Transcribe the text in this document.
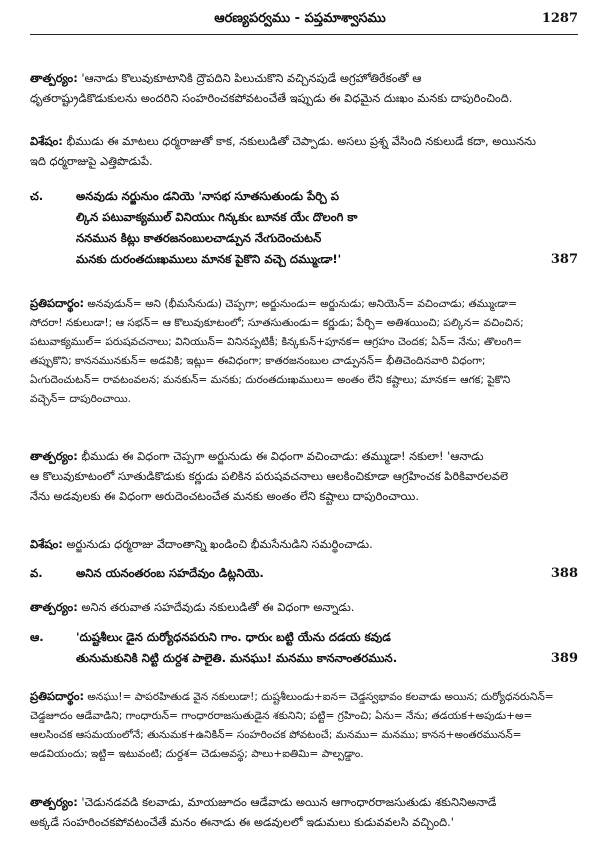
ఆరణ్యపర్వము - పప్తమాశ్వాసము	1287
తాత్పర్యం: 'ఆనాడు కొలువుకూటానికి ద్రౌపదిని పిలుచుకొని వచ్చినపుడే అగ్రహోతిరేకంతో ఆ
ధృతరాష్ట్రుడికొడుకులను అందరిని సంహరించకపోవటంచేతే ఇప్పుడు ఈ విధమైన దుఃఖం మనకు దాపురించింది.
విశేషం: భీముడు ఈ మాటలు ధర్మరాజుతో కాక, నకులుడితో చెప్పాడు. అసలు ప్రశ్న వేసింది నకులుడే కదా, అయినను
ఇది ధర్మరాజుపై ఎత్తిపొడుపే.
చ.	అనవుడు నర్జునుం డనియె 'నాసభ సూతసుతుండు పేర్చి ప
ల్కిన పటువాక్యముల్ వినియుఁ గిన్కకుఁ బూనక యేఁ దొలంగి కా
ననమున కిట్లు కాతరజనంబులచాడ్పున నేఁగుదెంచుటన్
మనకు దురంతదుఃఖములు మానక పైకొని వచ్చె దమ్ముఁడా!'	387
ప్రతిపదార్థం: అనవుడున్= అని (భీమసేనుడు) చెప్పగా; అర్జునుండు= అర్జునుడు; అనియెన్= వచించాడు; తమ్ముఁడా=
సోదరా! నకులుడా!; ఆ సభన్= ఆ కొలువుకూటంలో; సూతసుతుండు= కర్ణుడు; పేర్చి= అతిశయించి; పల్కిన= వచించిన;
పటువాక్యముల్= పరుషవచనాలు; వినియున్= వినినప్పటికీ; కిన్కకున్+పూనక= ఆగ్రహం చెందక; ఏన్= నేను; తొలంగి=
తప్పుకొని; కాననమునకున్= అడవికి; ఇట్లు= ఈవిధంగా; కాతరజనంబుల చాడ్పునన్= భీతిచెందినవారి విధంగా;
ఏఁగుదెంచుటన్= రావటంవలన; మనకున్= మనకు; దురంతదుఃఖములు= అంతం లేని కష్టాలు; మానక= ఆగక; పైకొని
వచ్చెన్= దాపురించాయి.
తాత్పర్యం: భీముడు ఈ విధంగా చెప్పగా అర్జునుడు ఈ విధంగా వచించాడు: తమ్ముడా! నకులా! 'ఆనాడు
ఆ కొలువుకూటంలో సూతుడికొడుకు కర్ణుడు పలికిన పరుషవచనాలు ఆలకించికూడా ఆగ్రహించక పిరికివారలవలె
నేను అడవులకు ఈ విధంగా అరుదెంచటంచేత మనకు అంతం లేని కష్టాలు దాపురించాయి.
విశేషం: అర్జునుడు ధర్మరాజు వేదాంతాన్ని ఖండించి భీమసేనుడిని సమర్థించాడు.
వ.	అనిన యనంతరంబ సహదేవుం డిట్లనియె.	388
తాత్పర్యం: అనిన తరువాత సహదేవుడు నకులుడితో ఈ విధంగా అన్నాడు.
ఆ.	'దుష్టశీలుఁ డైన దుర్యోధనపరుని గాం. ధారుఁ బట్టి యేను దడయ కవుడ
తునుమకునికి నిట్టి దుర్దశ పాలైతి. మనఘు! మనము కాననాంతరమున.	389
ప్రతిపదార్థం: అనఘు!= పాపరహితుడ వైన నకులుడా!; దుష్టశీలుండు+ఐన= చెడ్డస్వభావం కలవాడు అయిన; దుర్యోధనరునిన్=
చెడ్డజూదం ఆడేవాడిని; గాంధారున్= గాంధారరాజసుతుడైన శకునిని; పట్టి= గ్రహించి; ఏను= నేను; తడయక+అపుడు+అ=
ఆలసించక ఆసమయంలోనే; తునుమక+ఉనికిన్= సంహరించక పోవటంచే; మనము= మనము; కానన+అంతరమునన్=
అడవియందు; ఇట్టి= ఇటువంటి; దుర్దశ= చెడుఅవస్థ; పాలు+ఐతిమి= పాల్పడ్డాం.
తాత్పర్యం: 'చెడునడవడి కలవాడు, మాయజూదం ఆడేవాడు అయిన ఆగాంధారరాజసుతుడు శకునినిఅనాడే
అక్కడే సంహరించకపోవటంచేతే మనం ఈనాడు ఈ అడవులలో ఇడుమలు కుడువవలసి వచ్చింది.'
